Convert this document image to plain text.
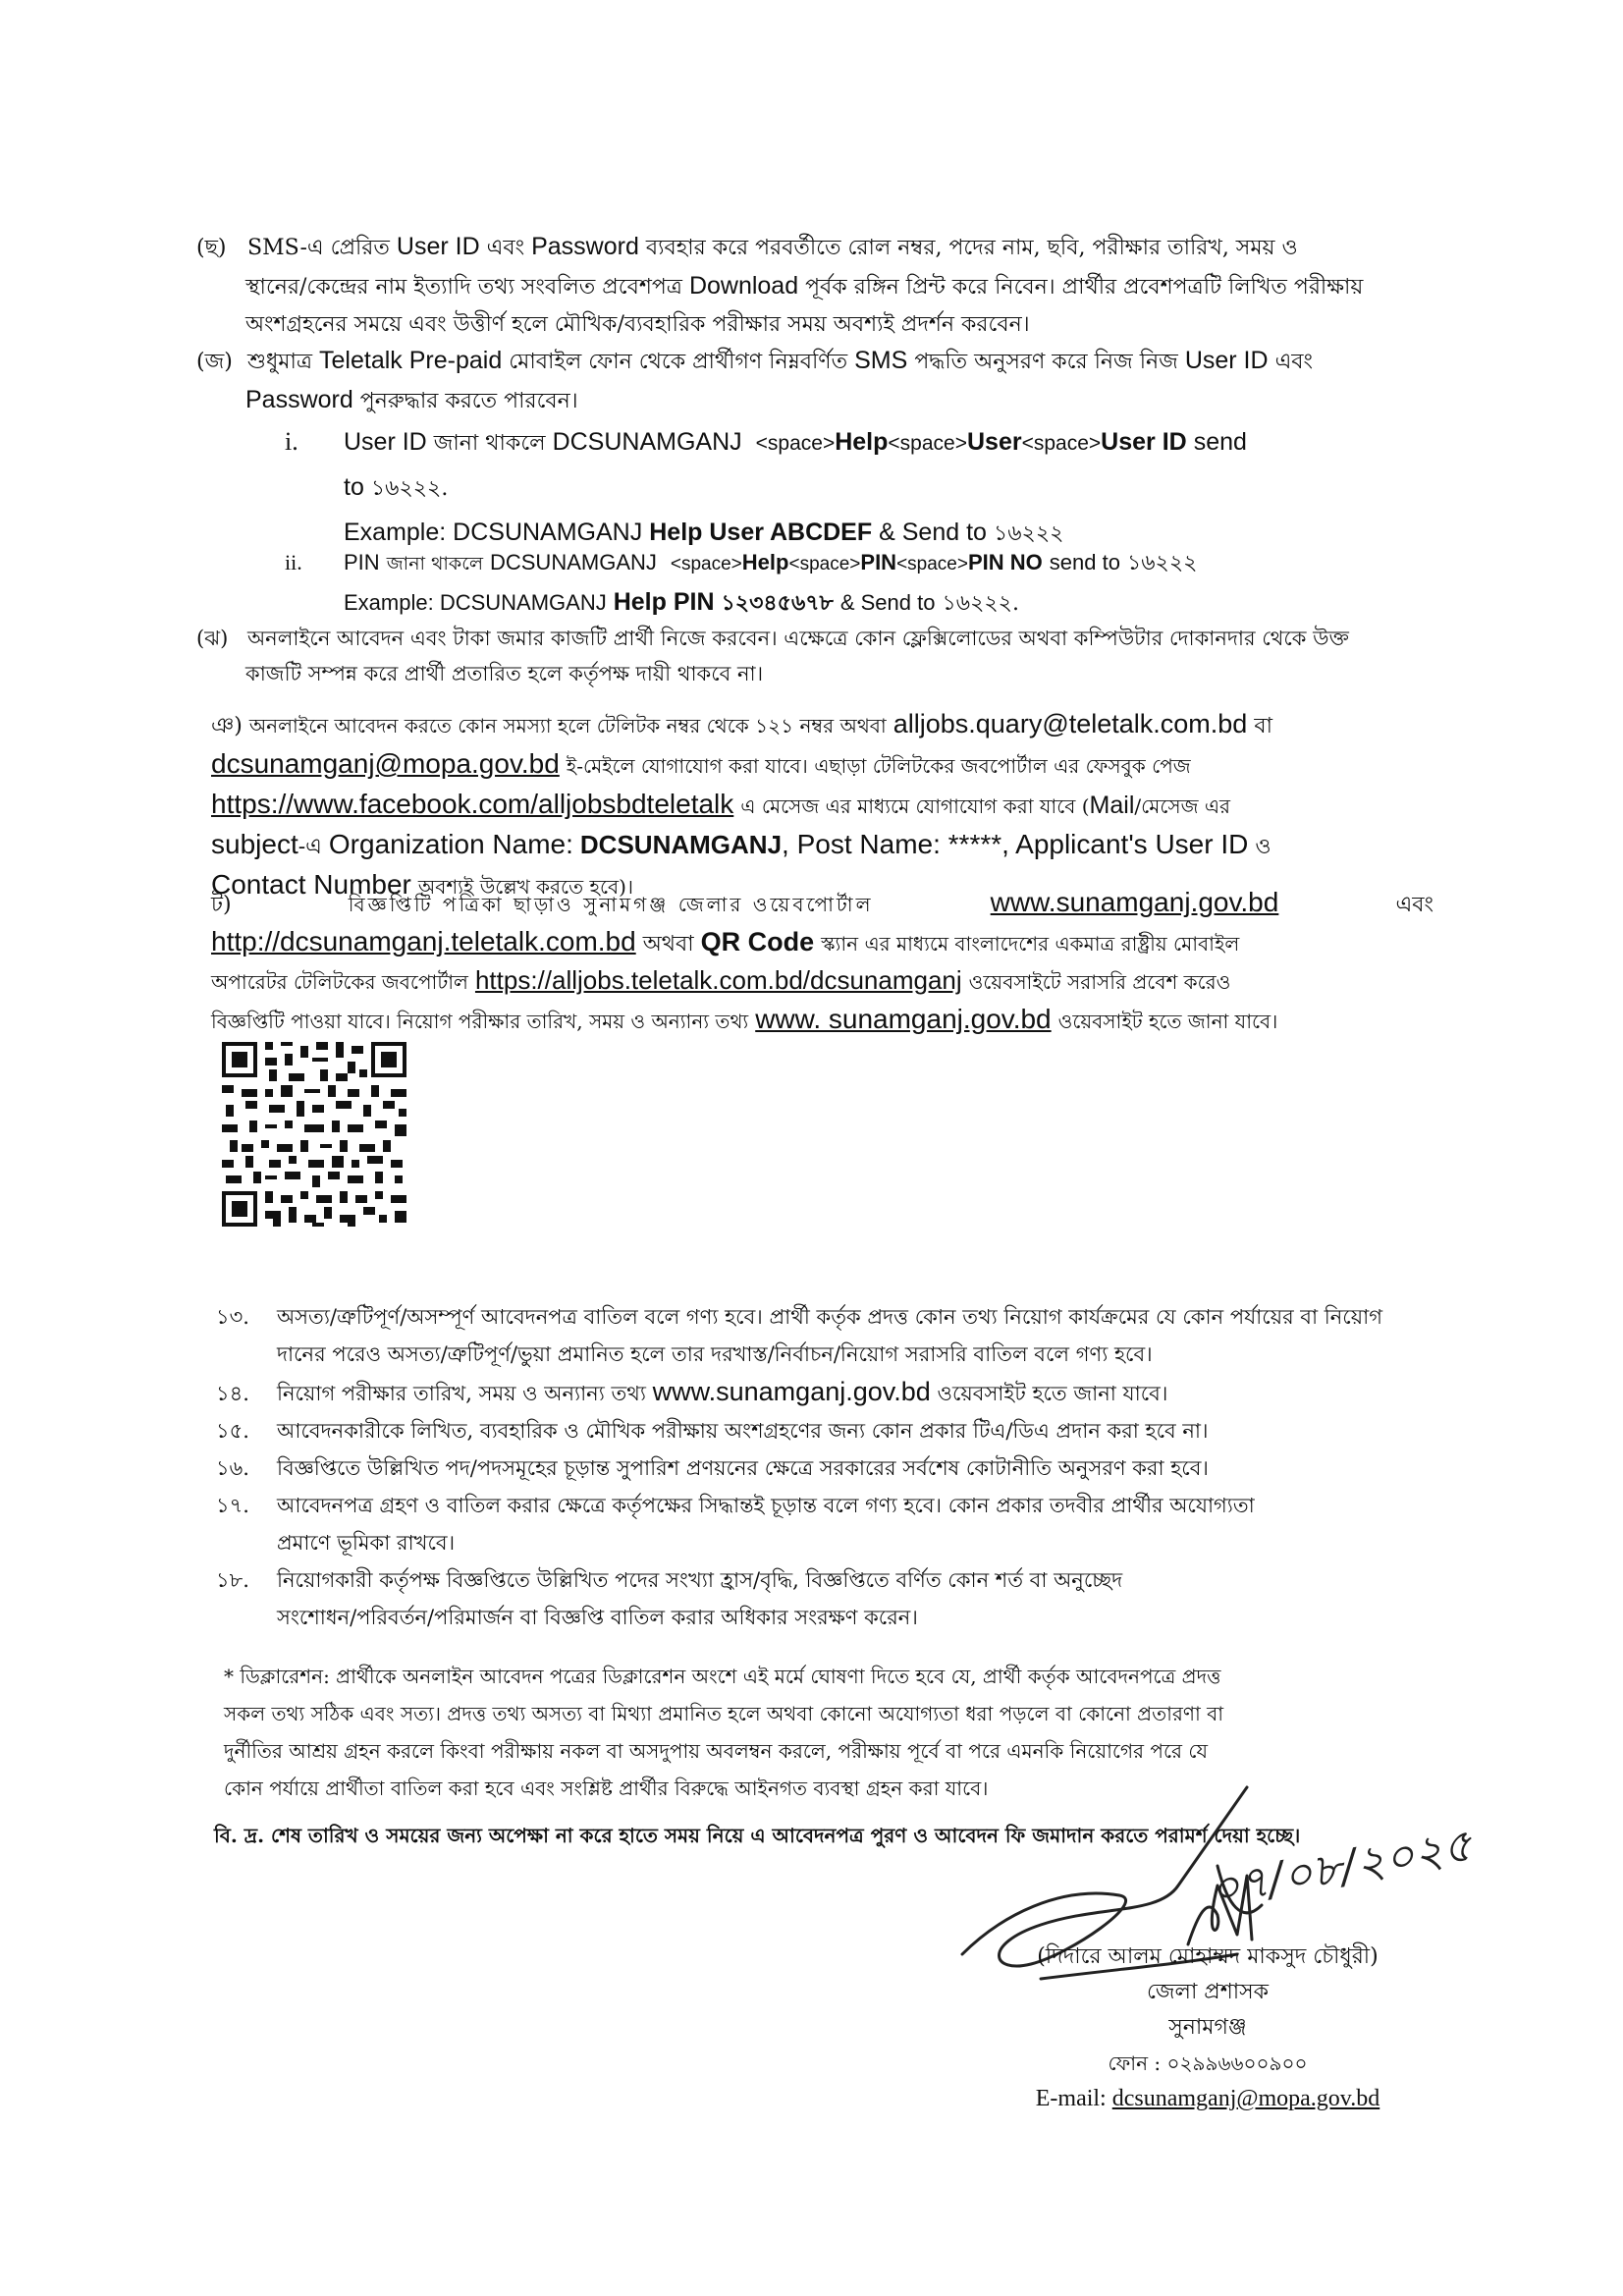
(ছ) SMS-এ প্রেরিত User ID এবং Password ব্যবহার করে পরবর্তীতে রোল নম্বর, পদের নাম, ছবি, পরীক্ষার তারিখ, সময় ও
স্থানের/কেন্দ্রের নাম ইত্যাদি তথ্য সংবলিত প্রবেশপত্র Download পূর্বক রঙ্গিন প্রিন্ট করে নিবেন। প্রার্থীর প্রবেশপত্রটি লিখিত পরীক্ষায়
অংশগ্রহনের সময়ে এবং উত্তীর্ণ হলে মৌখিক/ব্যবহারিক পরীক্ষার সময় অবশ্যই প্রদর্শন করবেন।
(জ) শুধুমাত্র Teletalk Pre-paid মোবাইল ফোন থেকে প্রার্থীগণ নিম্নবর্ণিত SMS পদ্ধতি অনুসরণ করে নিজ নিজ User ID এবং
Password পুনরুদ্ধার করতে পারবেন।
i. User ID জানা থাকলে DCSUNAMGANJ <space>Help<space>User<space>User ID send
to ১৬২২২.
Example: DCSUNAMGANJ Help User ABCDEF & Send to ১৬২২২
ii. PIN জানা থাকলে DCSUNAMGANJ <space>Help<space>PIN<space>PIN NO send to ১৬২২২
Example: DCSUNAMGANJ Help PIN ১২৩৪৫৬৭৮ & Send to ১৬২২২.
(ঝ) অনলাইনে আবেদন এবং টাকা জমার কাজটি প্রার্থী নিজে করবেন। এক্ষেত্রে কোন ফ্লেক্সিলোডের অথবা কম্পিউটার দোকানদার থেকে উক্ত
কাজটি সম্পন্ন করে প্রার্থী প্রতারিত হলে কর্তৃপক্ষ দায়ী থাকবে না।
ঞ) অনলাইনে আবেদন করতে কোন সমস্যা হলে টেলিটক নম্বর থেকে ১২১ নম্বর অথবা alljobs.quary@teletalk.com.bd বা
dcsunamganj@mopa.gov.bd ই-মেইলে যোগাযোগ করা যাবে। এছাড়া টেলিটকের জবপোর্টাল এর ফেসবুক পেজ
https://www.facebook.com/alljobsbdteletalk এ মেসেজ এর মাধ্যমে যোগাযোগ করা যাবে (Mail/মেসেজ এর
subject-এ Organization Name: DCSUNAMGANJ, Post Name: *****, Applicant's User ID ও
Contact Number অবশ্যই উল্লেখ করতে হবে)।
ট)	বিজ্ঞপ্তিটি পত্রিকা ছাড়াও সুনামগঞ্জ জেলার ওয়েবপোর্টাল	www.sunamganj.gov.bd	এবং
http://dcsunamganj.teletalk.com.bd অথবা QR Code স্ক্যান এর মাধ্যমে বাংলাদেশের একমাত্র রাষ্ট্রীয় মোবাইল
অপারেটর টেলিটকের জবপোর্টাল https://alljobs.teletalk.com.bd/dcsunamganj ওয়েবসাইটে সরাসরি প্রবেশ করেও
বিজ্ঞপ্তিটি পাওয়া যাবে। নিয়োগ পরীক্ষার তারিখ, সময় ও অন্যান্য তথ্য www. sunamganj.gov.bd ওয়েবসাইট হতে জানা যাবে।
১৩. অসত্য/ত্রুটিপূর্ণ/অসম্পূর্ণ আবেদনপত্র বাতিল বলে গণ্য হবে। প্রার্থী কর্তৃক প্রদত্ত কোন তথ্য নিয়োগ কার্যক্রমের যে কোন পর্যায়ের বা নিয়োগ
দানের পরেও অসত্য/ত্রুটিপূর্ণ/ভুয়া প্রমানিত হলে তার দরখাস্ত/নির্বাচন/নিয়োগ সরাসরি বাতিল বলে গণ্য হবে।
১৪. নিয়োগ পরীক্ষার তারিখ, সময় ও অন্যান্য তথ্য www.sunamganj.gov.bd ওয়েবসাইট হতে জানা যাবে।
১৫. আবেদনকারীকে লিখিত, ব্যবহারিক ও মৌখিক পরীক্ষায় অংশগ্রহণের জন্য কোন প্রকার টিএ/ডিএ প্রদান করা হবে না।
১৬. বিজ্ঞপ্তিতে উল্লিখিত পদ/পদসমূহের চূড়ান্ত সুপারিশ প্রণয়নের ক্ষেত্রে সরকারের সর্বশেষ কোটানীতি অনুসরণ করা হবে।
১৭. আবেদনপত্র গ্রহণ ও বাতিল করার ক্ষেত্রে কর্তৃপক্ষের সিদ্ধান্তই চূড়ান্ত বলে গণ্য হবে। কোন প্রকার তদবীর প্রার্থীর অযোগ্যতা
প্রমাণে ভূমিকা রাখবে।
১৮. নিয়োগকারী কর্তৃপক্ষ বিজ্ঞপ্তিতে উল্লিখিত পদের সংখ্যা হ্রাস/বৃদ্ধি, বিজ্ঞপ্তিতে বর্ণিত কোন শর্ত বা অনুচ্ছেদ
সংশোধন/পরিবর্তন/পরিমার্জন বা বিজ্ঞপ্তি বাতিল করার অধিকার সংরক্ষণ করেন।
* ডিক্লারেশন: প্রার্থীকে অনলাইন আবেদন পত্রের ডিক্লারেশন অংশে এই মর্মে ঘোষণা দিতে হবে যে, প্রার্থী কর্তৃক আবেদনপত্রে প্রদত্ত
সকল তথ্য সঠিক এবং সত্য। প্রদত্ত তথ্য অসত্য বা মিথ্যা প্রমানিত হলে অথবা কোনো অযোগ্যতা ধরা পড়লে বা কোনো প্রতারণা বা
দুর্নীতির আশ্রয় গ্রহন করলে কিংবা পরীক্ষায় নকল বা অসদুপায় অবলম্বন করলে, পরীক্ষায় পূর্বে বা পরে এমনকি নিয়োগের পরে যে
কোন পর্যায়ে প্রার্থীতা বাতিল করা হবে এবং সংশ্লিষ্ট প্রার্থীর বিরুদ্ধে আইনগত ব্যবস্থা গ্রহন করা যাবে।
বি. দ্র. শেষ তারিখ ও সময়ের জন্য অপেক্ষা না করে হাতে সময় নিয়ে এ আবেদনপত্র পুরণ ও আবেদন ফি জমাদান করতে পরামর্শ দেয়া হচ্ছে।
০৭/০৮/২০২৫
(দিদারে আলম মোহাম্মদ মাকসুদ চৌধুরী)
জেলা প্রশাসক
সুনামগঞ্জ
ফোন : ০২৯৯৬৬০০৯০০
E-mail: dcsunamganj@mopa.gov.bd
